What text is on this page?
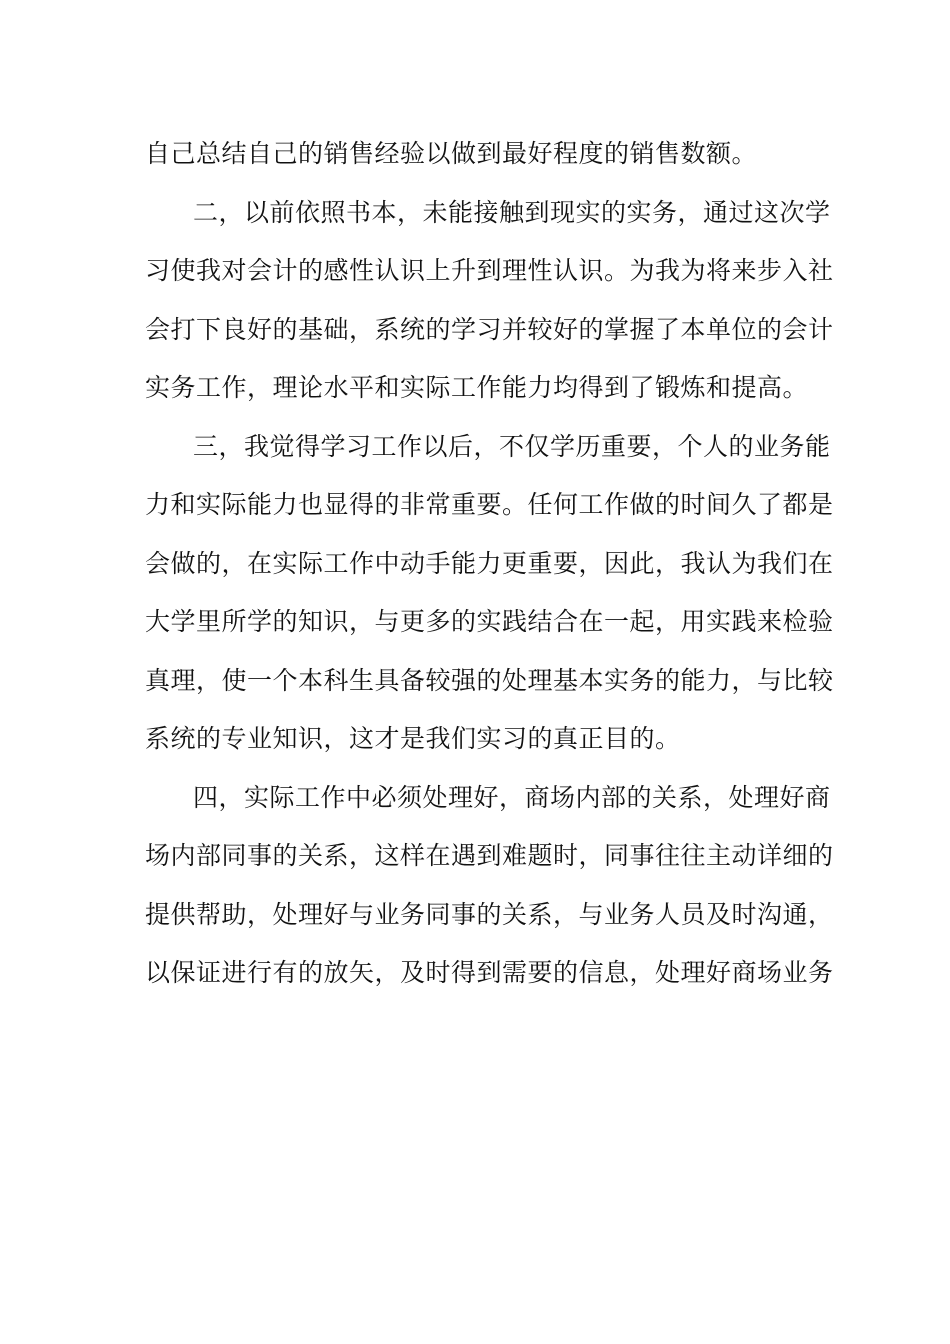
自己总结自己的销售经验以做到最好程度的销售数额。
二，以前依照书本，未能接触到现实的实务，通过这次学
习使我对会计的感性认识上升到理性认识。为我为将来步入社
会打下良好的基础，系统的学习并较好的掌握了本单位的会计
实务工作，理论水平和实际工作能力均得到了锻炼和提高。
三，我觉得学习工作以后，不仅学历重要，个人的业务能
力和实际能力也显得的非常重要。任何工作做的时间久了都是
会做的，在实际工作中动手能力更重要，因此，我认为我们在
大学里所学的知识，与更多的实践结合在一起，用实践来检验
真理，使一个本科生具备较强的处理基本实务的能力，与比较
系统的专业知识，这才是我们实习的真正目的。
四，实际工作中必须处理好，商场内部的关系，处理好商
场内部同事的关系，这样在遇到难题时，同事往往主动详细的
提供帮助，处理好与业务同事的关系，与业务人员及时沟通，
以保证进行有的放矢，及时得到需要的信息，处理好商场业务
